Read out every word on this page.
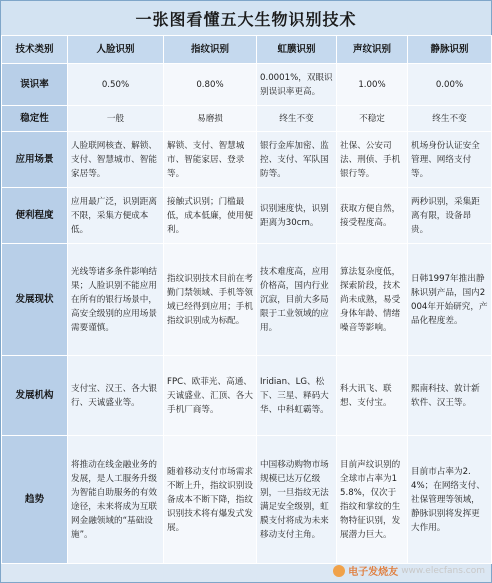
一张图看懂五大生物识别技术
技术类别	人脸识别	指纹识别	虹膜识别	声纹识别	静脉识别
误识率	0.50%	0.80%	0.0001%，双眼识别误识率更高。	1.00%	0.00%
稳定性	一般	易磨损	终生不变	不稳定	终生不变
应用场景	人脸联网核查、解锁、支付、智慧城市、智能家居等。	解锁、支付、智慧城市、智能家居、登录等。	银行金库加密、监控、支付、军队国防等。	社保、公安司法、刑侦、手机银行等。	机场身份认证安全管理、网络支付等。
便利程度	应用最广泛，识别距离不限，采集方便成本低。	接触式识别；门槛最低，成本低廉，使用便利。	识别速度快，识别距离为30cm。	获取方便自然，接受程度高。	两秒识别，采集距离有限，设备昂贵。
发展现状	光线等诸多条件影响结果；人脸识别不能应用在所有的银行场景中，高安全级别的应用场景需要谨慎。	指纹识别技术目前在考勤门禁领域、手机等领域已经得到应用；手机指纹识别成为标配。	技术难度高，应用价格高，国内行业沉寂，目前大多局限于工业领域的应用。	算法复杂度低，探索阶段，技术尚未成熟，易受身体年龄、情绪噪音等影响。	日韩1997年推出静脉识别产品，国内2004年开始研究，产品化程度差。
发展机构	支付宝、汉王、各大银行、天诚盛业等。	FPC、欧菲光、高通、天诚盛业、汇顶、各大手机厂商等。	Iridian、LG、松下、三星、释码大华、中科虹霸等。	科大讯飞、联想、支付宝。	熙南科技、敦计新软件、汉王等。
趋势	将推动在线金融业务的发展，是人工服务升级为智能自助服务的有效途径，未来将成为互联网金融领域的“基础设施”。	随着移动支付市场需求不断上升，指纹识别设备成本不断下降，指纹识别技术将有爆发式发展。	中国移动购物市场规模已达万亿级别，一旦指纹无法满足安全级别，虹膜支付将成为未来移动支付主角。	目前声纹识别的全球市占率为15.8%，仅次于指纹和掌纹的生物特征识别，发展潜力巨大。	目前市占率为2.4%；在网络支付、社保管理等领域，静脉识别将发挥更大作用。
电子发烧友 www.elecfans.com
